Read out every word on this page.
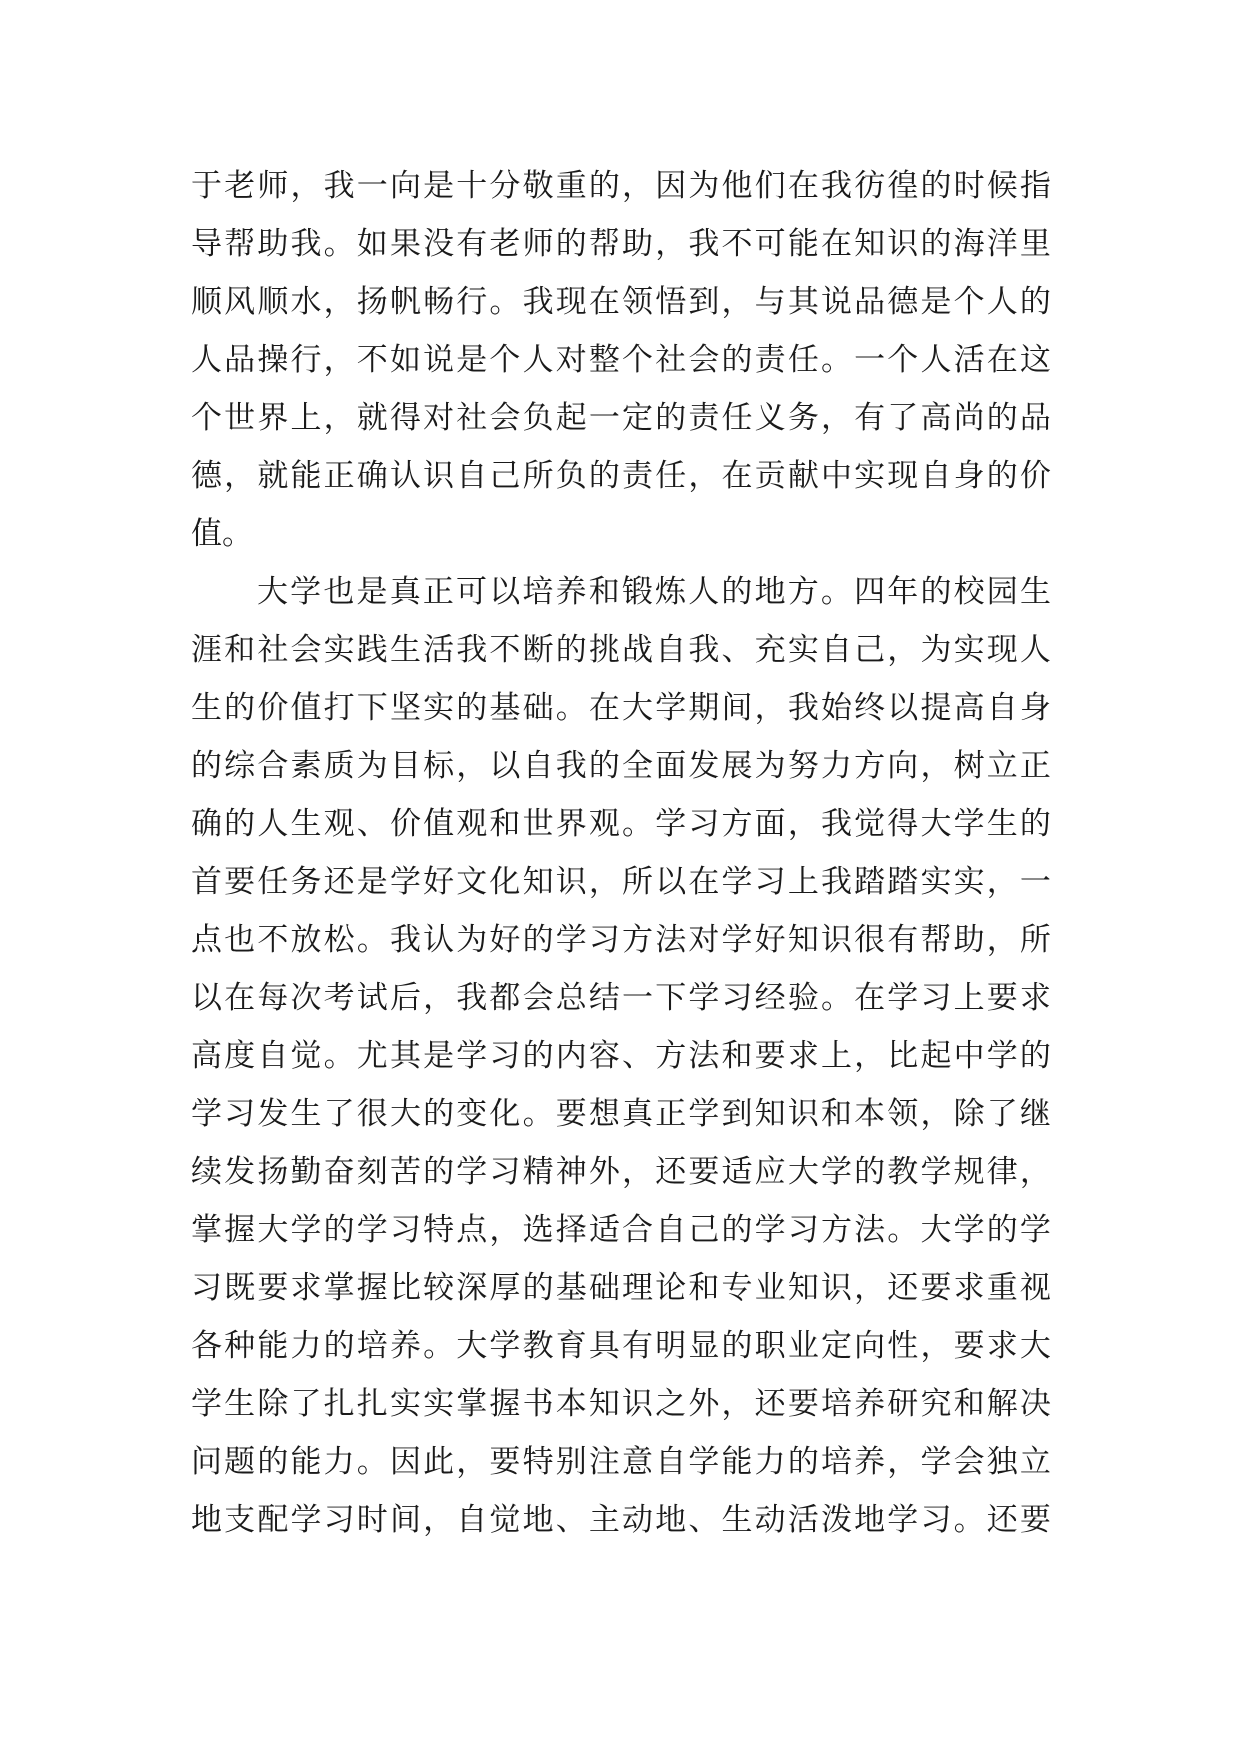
于 老 师 ， 我 一 向 是 十 分 敬 重 的 ， 因 为 他 们 在 我 彷 徨 的 时 候 指
导 帮 助 我 。 如 果 没 有 老 师 的 帮 助 ， 我 不 可 能 在 知 识 的 海 洋 里
顺 风 顺 水 ， 扬 帆 畅 行 。 我 现 在 领 悟 到 ， 与 其 说 品 德 是 个 人 的
人 品 操 行 ， 不 如 说 是 个 人 对 整 个 社 会 的 责 任 。 一 个 人 活 在 这
个 世 界 上 ， 就 得 对 社 会 负 起 一 定 的 责 任 义 务 ， 有 了 高 尚 的 品
德 ， 就 能 正 确 认 识 自 己 所 负 的 责 任 ， 在 贡 献 中 实 现 自 身 的 价
值 。
大 学 也 是 真 正 可 以 培 养 和 锻 炼 人 的 地 方 。 四 年 的 校 园 生
涯 和 社 会 实 践 生 活 我 不 断 的 挑 战 自 我 、 充 实 自 己 ， 为 实 现 人
生 的 价 值 打 下 坚 实 的 基 础 。 在 大 学 期 间 ， 我 始 终 以 提 高 自 身
的 综 合 素 质 为 目 标 ， 以 自 我 的 全 面 发 展 为 努 力 方 向 ， 树 立 正
确 的 人 生 观 、 价 值 观 和 世 界 观 。 学 习 方 面 ， 我 觉 得 大 学 生 的
首 要 任 务 还 是 学 好 文 化 知 识 ， 所 以 在 学 习 上 我 踏 踏 实 实 ， 一
点 也 不 放 松 。 我 认 为 好 的 学 习 方 法 对 学 好 知 识 很 有 帮 助 ， 所
以 在 每 次 考 试 后 ， 我 都 会 总 结 一 下 学 习 经 验 。 在 学 习 上 要 求
高 度 自 觉 。 尤 其 是 学 习 的 内 容 、 方 法 和 要 求 上 ， 比 起 中 学 的
学 习 发 生 了 很 大 的 变 化 。 要 想 真 正 学 到 知 识 和 本 领 ， 除 了 继
续 发 扬 勤 奋 刻 苦 的 学 习 精 神 外 ， 还 要 适 应 大 学 的 教 学 规 律 ，
掌 握 大 学 的 学 习 特 点 ， 选 择 适 合 自 己 的 学 习 方 法 。 大 学 的 学
习 既 要 求 掌 握 比 较 深 厚 的 基 础 理 论 和 专 业 知 识 ， 还 要 求 重 视
各 种 能 力 的 培 养 。 大 学 教 育 具 有 明 显 的 职 业 定 向 性 ， 要 求 大
学 生 除 了 扎 扎 实 实 掌 握 书 本 知 识 之 外 ， 还 要 培 养 研 究 和 解 决
问 题 的 能 力 。 因 此 ， 要 特 别 注 意 自 学 能 力 的 培 养 ， 学 会 独 立
地 支 配 学 习 时 间 ， 自 觉 地 、 主 动 地 、 生 动 活 泼 地 学 习 。 还 要
